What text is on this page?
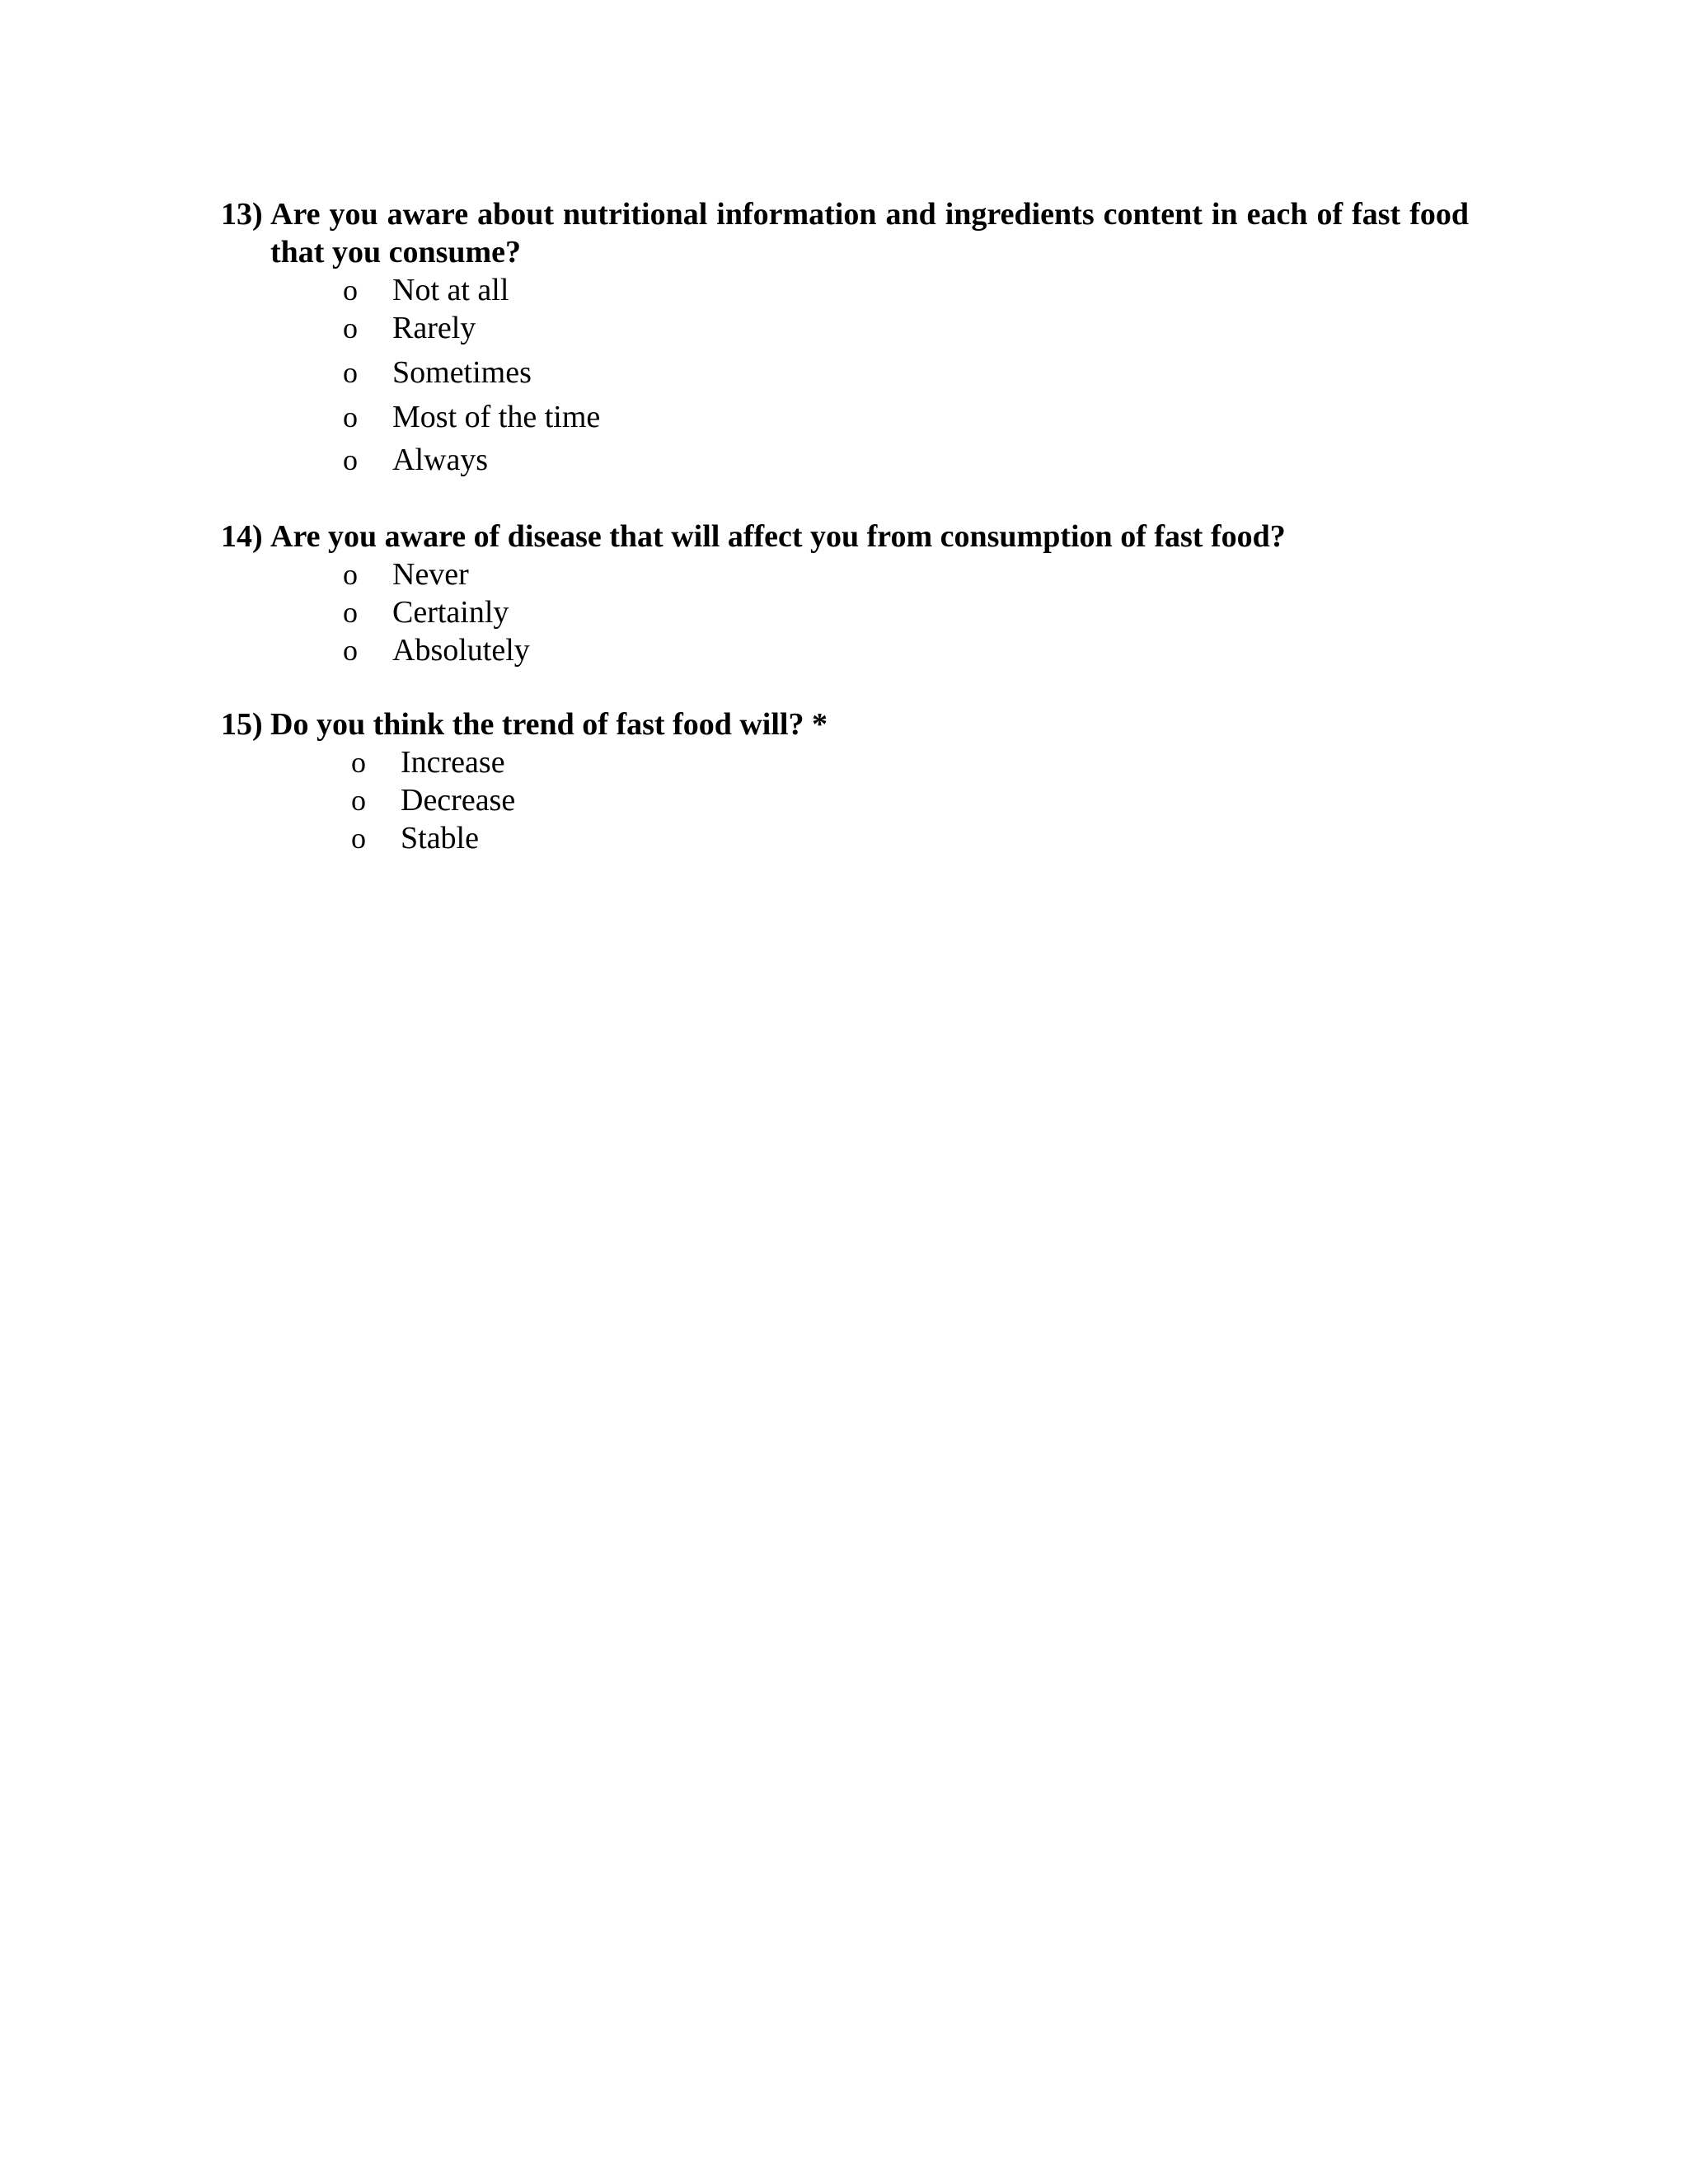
13) Are you aware about nutritional information and ingredients content in each of fast food that you consume?
o	Not at all
o	Rarely
o	Sometimes
o	Most of the time
o	Always
14) Are you aware of disease that will affect you from consumption of fast food?
o	Never
o	Certainly
o	Absolutely
15) Do you think the trend of fast food will? *
o	Increase
o	Decrease
o	Stable
